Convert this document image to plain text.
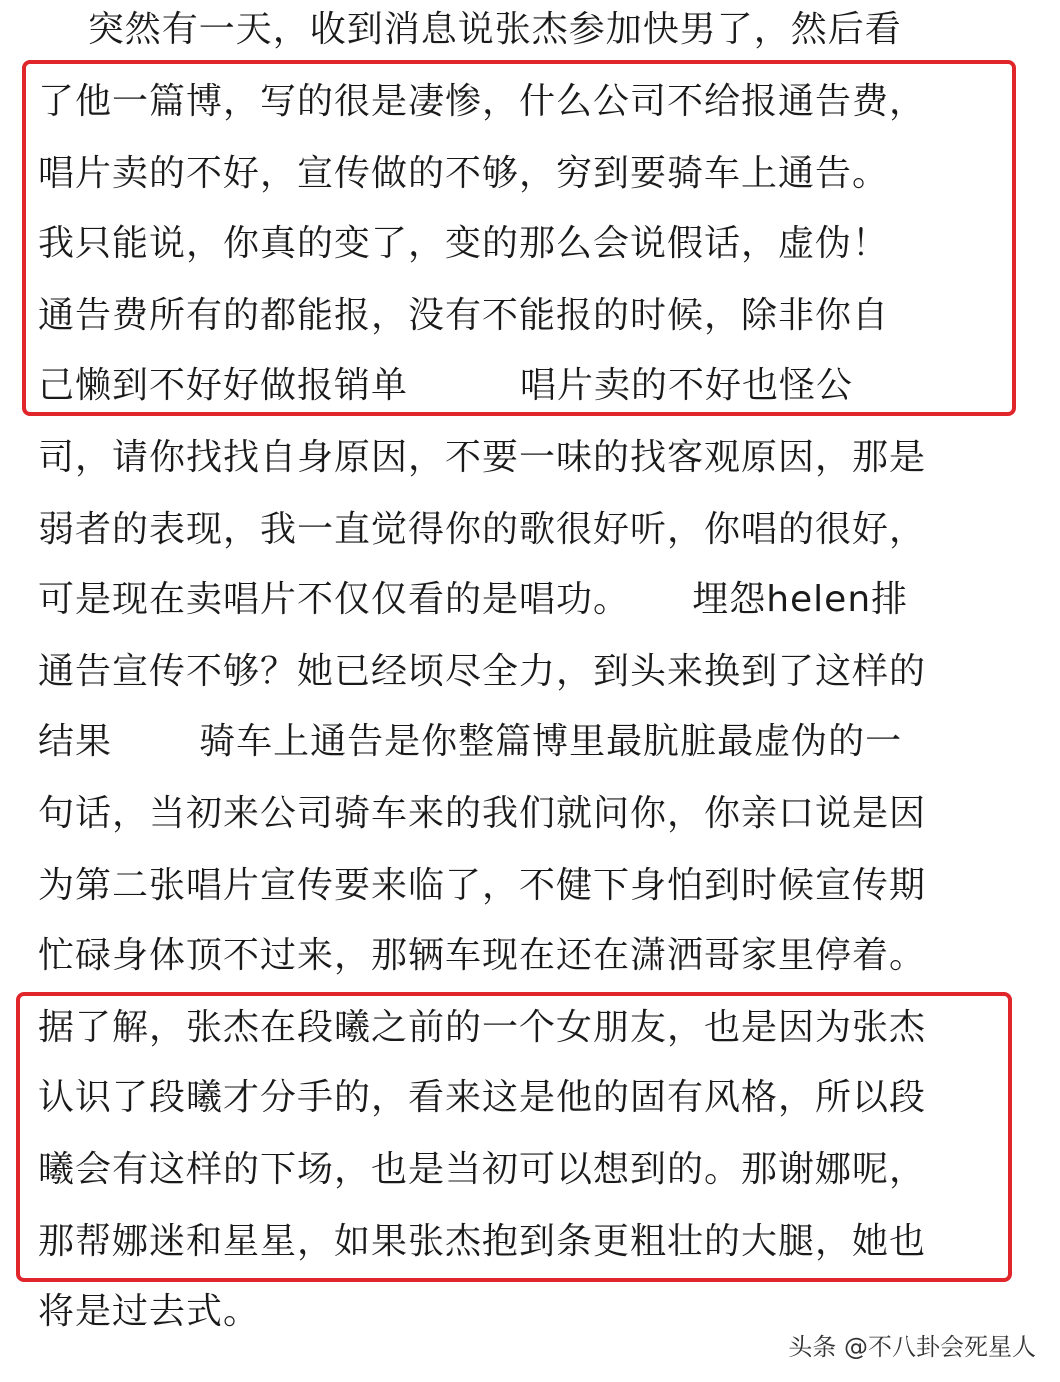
突然有一天，收到消息说张杰参加快男了，然后看
了他一篇博，写的很是凄惨，什么公司不给报通告费，
唱片卖的不好，宣传做的不够，穷到要骑车上通告。
我只能说，你真的变了，变的那么会说假话，虚伪！
通告费所有的都能报，没有不能报的时候，除非你自
己懒到不好好做报销单         唱片卖的不好也怪公
司，请你找找自身原因，不要一味的找客观原因，那是
弱者的表现，我一直觉得你的歌很好听，你唱的很好，
可是现在卖唱片不仅仅看的是唱功。     埋怨helen排
通告宣传不够？她已经顷尽全力，到头来换到了这样的
结果       骑车上通告是你整篇博里最肮脏最虚伪的一
句话，当初来公司骑车来的我们就问你，你亲口说是因
为第二张唱片宣传要来临了，不健下身怕到时候宣传期
忙碌身体顶不过来，那辆车现在还在潇洒哥家里停着。
据了解，张杰在段曦之前的一个女朋友，也是因为张杰
认识了段曦才分手的，看来这是他的固有风格，所以段
曦会有这样的下场，也是当初可以想到的。那谢娜呢，
那帮娜迷和星星，如果张杰抱到条更粗壮的大腿，她也
将是过去式。
头条 @不八卦会死星人
